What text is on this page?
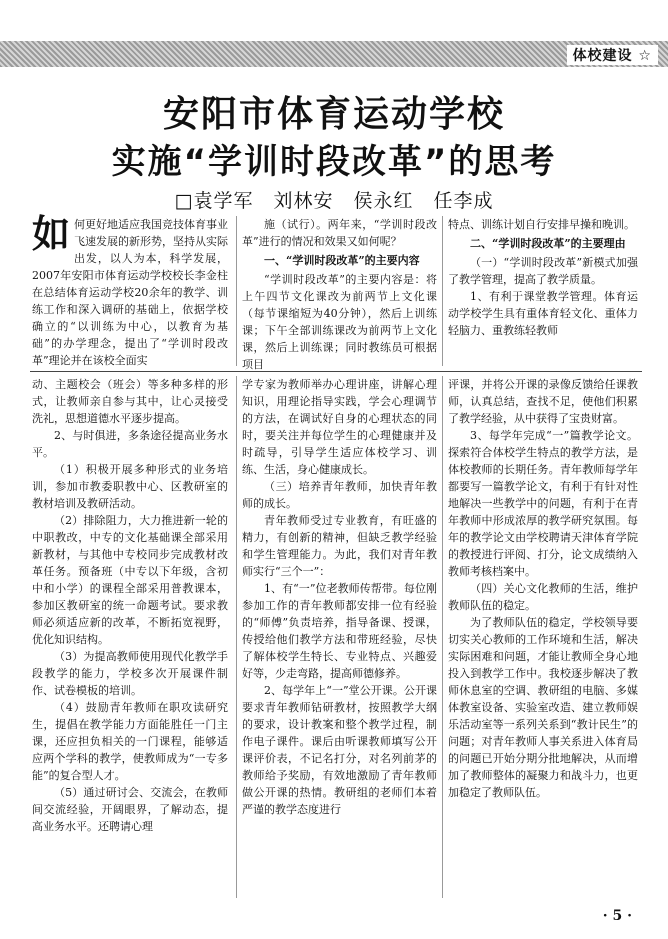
体校建设 ☆
安阳市体育运动学校
实施“学训时段改革”的思考
□袁学军　刘林安　侯永红　任李成

如何更好地适应我国竞技体育事业飞速发展的新形势，坚持从实际出发，以人为本，科学发展，2007年安阳市体育运动学校校长李金柱在总结体育运动学校20余年的教学、训练工作和深入调研的基础上，依据学校确立的“以训练为中心，以教育为基础”的办学理念，提出了“学训时段改革”理论并在该校全面实

施（试行）。两年来，“学训时段改革”进行的情况和效果又如何呢？

一、“学训时段改革”的主要内容

“学训时段改革”的主要内容是：将上午四节文化课改为前两节上文化课（每节课缩短为40分钟），然后上训练课；下午全部训练课改为前两节上文化课，然后上训练课；同时教练员可根据项目

特点、训练计划自行安排早操和晚训。

二、“学训时段改革”的主要理由

（一）“学训时段改革”新模式加强了教学管理，提高了教学质量。

1、有利于课堂教学管理。体育运动学校学生具有重体育轻文化、重体力轻脑力、重教练轻教师

动、主题校会（班会）等多种多样的形式，让教师亲自参与其中，让心灵接受洗礼，思想道德水平逐步提高。

2、与时俱进，多条途径提高业务水平。

（1）积极开展多种形式的业务培训，参加市教委职教中心、区教研室的教材培训及教研活动。

（2）排除阻力，大力推进新一轮的中职教改，中专的文化基础课全部采用新教材，与其他中专校同步完成教材改革任务。预备班（中专以下年级，含初中和小学）的课程全部采用普教课本，参加区教研室的统一命题考试。要求教师必须适应新的改革，不断拓宽视野，优化知识结构。

（3）为提高教师使用现代化教学手段教学的能力，学校多次开展课件制作、试卷模板的培训。

（4）鼓励青年教师在职攻读研究生，提倡在教学能力方面能胜任一门主课，还应担负相关的一门课程，能够适应两个学科的教学，使教师成为“一专多能”的复合型人才。

（5）通过研讨会、交流会，在教师间交流经验，开阔眼界，了解动态，提高业务水平。还聘请心理

学专家为教师举办心理讲座，讲解心理知识，用理论指导实践，学会心理调节的方法，在调试好自身的心理状态的同时，要关注并每位学生的心理健康并及时疏导，引导学生适应体校学习、训练、生活，身心健康成长。

（三）培养青年教师，加快青年教师的成长。

青年教师受过专业教育，有旺盛的精力，有创新的精神，但缺乏教学经验和学生管理能力。为此，我们对青年教师实行“三个一”：

1、有“一”位老教师传帮带。每位刚参加工作的青年教师都安排一位有经验的“师傅”负责培养，指导备课、授课，传授给他们教学方法和带班经验，尽快了解体校学生特长、专业特点、兴趣爱好等，少走弯路，提高师德修养。

2、每学年上“一”堂公开课。公开课要求青年教师钻研教材，按照教学大纲的要求，设计教案和整个教学过程，制作电子课件。课后由听课教师填写公开课评价表，不记名打分，对名列前茅的教师给予奖励，有效地激励了青年教师做公开课的热情。教研组的老师们本着严谨的教学态度进行

评课，并将公开课的录像反馈给任课教师，认真总结，查找不足，使他们积累了教学经验，从中获得了宝贵财富。

3、每学年完成“一”篇教学论文。探索符合体校学生特点的教学方法，是体校教师的长期任务。青年教师每学年都要写一篇教学论文，有利于有针对性地解决一些教学中的问题，有利于在青年教师中形成浓厚的教学研究氛围。每年的教学论文由学校聘请天津体育学院的教授进行评阅、打分，论文成绩纳入教师考核档案中。

（四）关心文化教师的生活，维护教师队伍的稳定。

为了教师队伍的稳定，学校领导要切实关心教师的工作环境和生活，解决实际困难和问题，才能让教师全身心地投入到教学工作中。我校逐步解决了教师休息室的空调、教研组的电脑、多媒体教室设备、实验室改造、建立教师娱乐活动室等一系列关系到“教计民生”的问题；对青年教师人事关系进入体育局的问题已开始分期分批地解决，从而增加了教师整体的凝聚力和战斗力，也更加稳定了教师队伍。

· 5 ·
